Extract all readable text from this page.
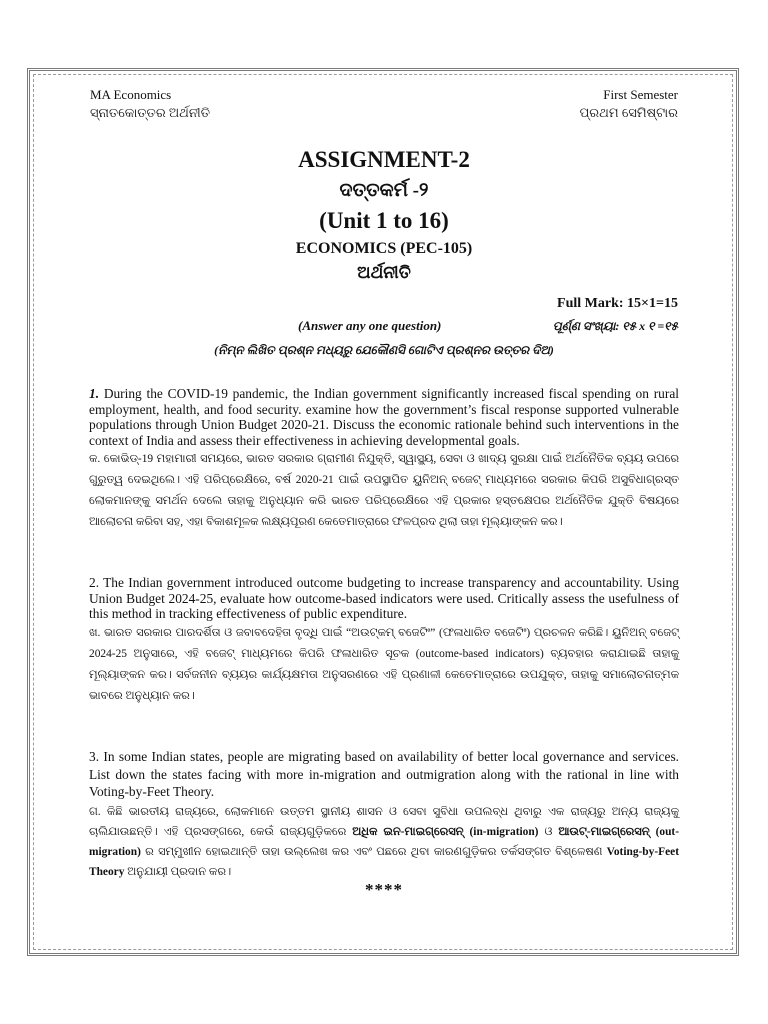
MA Economics
ସ୍ନାତକୋତ୍ତର ଅର୍ଥନୀତି
First Semester
ପ୍ରଥମ ସେମିଷ୍ଟାର
ASSIGNMENT-2
ଦତ୍ତକର୍ମ -୨
(Unit 1 to 16)
ECONOMICS (PEC-105)
ଅର୍ଥନୀତି
Full Mark: 15×1=15
(Answer any one question)	ପୂର୍ଣ୍ଣ ସଂଖ୍ୟା: ୧୫ x ୧ =୧୫
(ନିମ୍ନ ଲିଖିତ ପ୍ରଶ୍ନ ମଧ୍ୟରୁ ଯେକୌଣସି ଗୋଟିଏ ପ୍ରଶ୍ନର ଉତ୍ତର ଦିଅ)
1. During the COVID-19 pandemic, the Indian government significantly increased fiscal spending on rural employment, health, and food security. examine how the government’s fiscal response supported vulnerable populations through Union Budget 2020-21. Discuss the economic rationale behind such interventions in the context of India and assess their effectiveness in achieving developmental goals.
କ. କୋଭିଡ୍-19 ମହାମାରୀ ସମୟରେ, ଭାରତ ସରକାର ଗ୍ରାମୀଣ ନିଯୁକ୍ତି, ସ୍ୱାସ୍ଥ୍ୟ, ସେବା ଓ ଖାଦ୍ୟ ସୁରକ୍ଷା ପାଇଁ ଅର୍ଥନୈତିକ ବ୍ୟୟ ଉପରେ ଗୁରୁତ୍ୱ ଦେଇଥିଲେ। ଏହି ପରିପ୍ରେକ୍ଷିରେ, ବର୍ଷ 2020-21 ପାଇଁ ଉପସ୍ଥାପିତ ୟୁନିଅନ୍ ବଜେଟ୍ ମାଧ୍ୟମରେ ସରକାର କିପରି ଅସୁବିଧାଗ୍ରସ୍ତ ଲୋକମାନଙ୍କୁ ସମର୍ଥନ ଦେଲେ ତାହାକୁ ଅନୁଧ୍ୟାନ କରି ଭାରତ ପରିପ୍ରେକ୍ଷିରେ ଏହି ପ୍ରକାର ହସ୍ତକ୍ଷେପର ଅର୍ଥନୈତିକ ଯୁକ୍ତି ବିଷୟରେ ଆଲୋଚନା କରିବା ସହ, ଏହା ବିକାଶମୂଳକ ଲକ୍ଷ୍ୟପୂରଣ କେତେମାତ୍ରାରେ ଫଳପ୍ରଦ ଥିଲା ତାହା ମୂଲ୍ୟାଙ୍କନ କର।
2. The Indian government introduced outcome budgeting to increase transparency and accountability. Using Union Budget 2024-25, evaluate how outcome-based indicators were used. Critically assess the usefulness of this method in tracking effectiveness of public expenditure.
ଖ. ଭାରତ ସରକାର ପାରଦର୍ଶିତା ଓ ଜବାବଦେହିତା ବୃଦ୍ଧି ପାଇଁ “ଅଉଟ୍କମ୍ ବଜେଟିଂ” (ଫଳାଧାରିତ ବଜେଟିଂ) ପ୍ରଚଳନ କରିଛି। ୟୁନିଅନ୍ ବଜେଟ୍ 2024-25 ଅନୁସାରେ, ଏହି ବଜେଟ୍ ମାଧ୍ୟମରେ କିପରି ଫଳାଧାରିତ ସୂଚକ (outcome-based indicators) ବ୍ୟବହାର କରାଯାଇଛି ତାହାକୁ ମୂଲ୍ୟାଙ୍କନ କର। ସର୍ବଜନୀନ ବ୍ୟୟର କାର୍ଯ୍ୟକ୍ଷମତା ଅନୁସରଣରେ ଏହି ପ୍ରଣାଳୀ କେତେମାତ୍ରାରେ ଉପଯୁକ୍ତ, ତାହାକୁ ସମାଲୋଚନାତ୍ମକ ଭାବରେ ଅନୁଧ୍ୟାନ କର।
3. In some Indian states, people are migrating based on availability of better local governance and services. List down the states facing with more in-migration and outmigration along with the rational in line with Voting-by-Feet Theory.
ଗ. କିଛି ଭାରତୀୟ ରାଜ୍ୟରେ, ଲୋକମାନେ ଉତ୍ତମ ସ୍ଥାନୀୟ ଶାସନ ଓ ସେବା ସୁବିଧା ଉପଲବ୍ଧ ଥିବାରୁ ଏକ ରାଜ୍ୟରୁ ଅନ୍ୟ ରାଜ୍ୟକୁ ଚାଲିଯାଉଛନ୍ତି। ଏହି ପ୍ରସଙ୍ଗରେ, କେଉଁ ରାଜ୍ୟଗୁଡ଼ିକରେ ଅଧିକ ଇନ-ମାଇଗ୍ରେସନ୍ (in-migration) ଓ ଆଉଟ୍-ମାଇଗ୍ରେସନ୍ (out-migration) ର ସମ୍ମୁଖୀନ ହୋଇଥାନ୍ତି ତାହା ଉଲ୍ଲେଖ କର ଏବଂ ପଛରେ ଥିବା କାରଣଗୁଡ଼ିକର ତର୍କସଙ୍ଗତ ବିଶ୍ଳେଷଣ Voting-by-Feet Theory ଅନୁଯାୟୀ ପ୍ରଦାନ କର।
****
